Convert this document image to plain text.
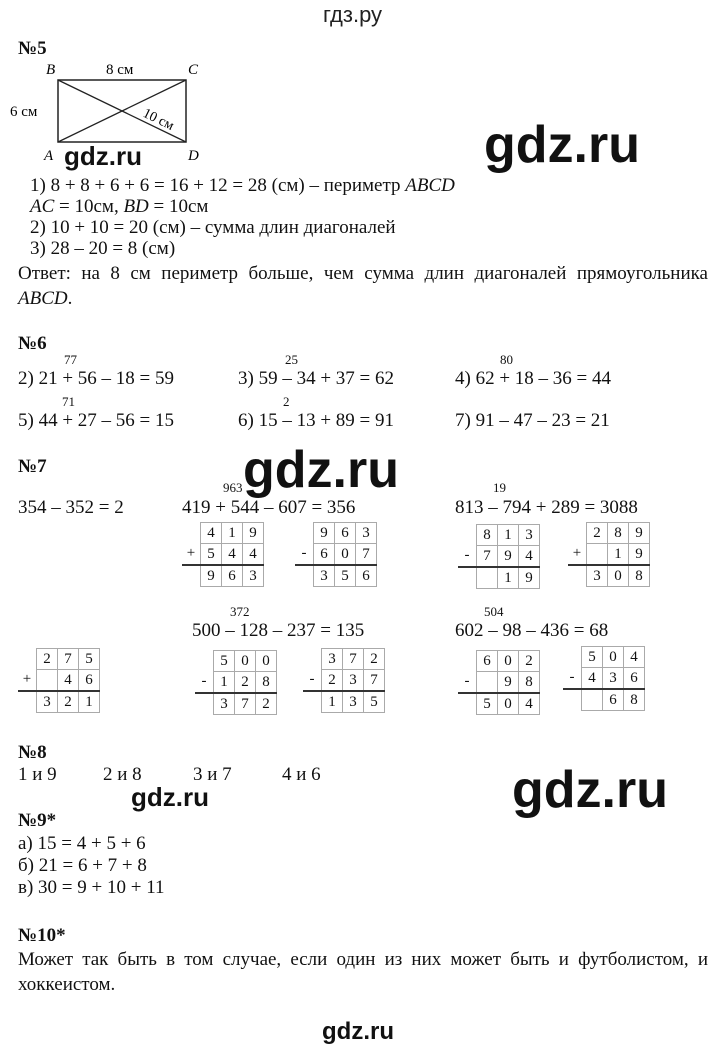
гдз.ру
№5
B	C
A	D
8 см
6 см	10 см
gdz.ru	gdz.ru
1) 8 + 8 + 6 + 6 = 16 + 12 = 28 (см) – периметр ABCD
AC = 10см, BD = 10см
2) 10 + 10 = 20 (см) – сумма длин диагоналей
3) 28 – 20 = 8 (см)
Ответ: на 8 см периметр больше, чем сумма длин диагоналей прямоугольника ABCD.
№6
77
2) 21 + 56 – 18 = 59
25
3) 59 – 34 + 37 = 62
80
4) 62 + 18 – 36 = 44
71
5) 44 + 27 – 56 = 15
2
6) 15 – 13 + 89 = 91	7) 91 – 47 – 23 = 21
№7	gdz.ru
354 – 352 = 2
963
419 + 544 – 607 = 356
19
813 – 794 + 289 = 3088
	4	1	9
+	5	4	4
	9	6	3
	9	6	3
-	6	0	7
	3	5	6
	8	1	3
-	7	9	4
		1	9
	2	8	9
+		1	9
	3	0	8
372
500 – 128 – 237 = 135
504
602 – 98 – 436 = 68
	2	7	5
+		4	6
	3	2	1
	5	0	0
-	1	2	8
	3	7	2
	3	7	2
-	2	3	7
	1	3	5
	6	0	2
-		9	8
	5	0	4
	5	0	4
-	4	3	6
		6	8
№8
1 и 9 2 и 8	3 и 7	4 и 6
gdz.ru	gdz.ru
№9*
а) 15 = 4 + 5 + 6
б) 21 = 6 + 7 + 8
в) 30 = 9 + 10 + 11
№10*
Может так быть в том случае, если один из них может быть и футболистом, и хоккеистом.
gdz.ru
